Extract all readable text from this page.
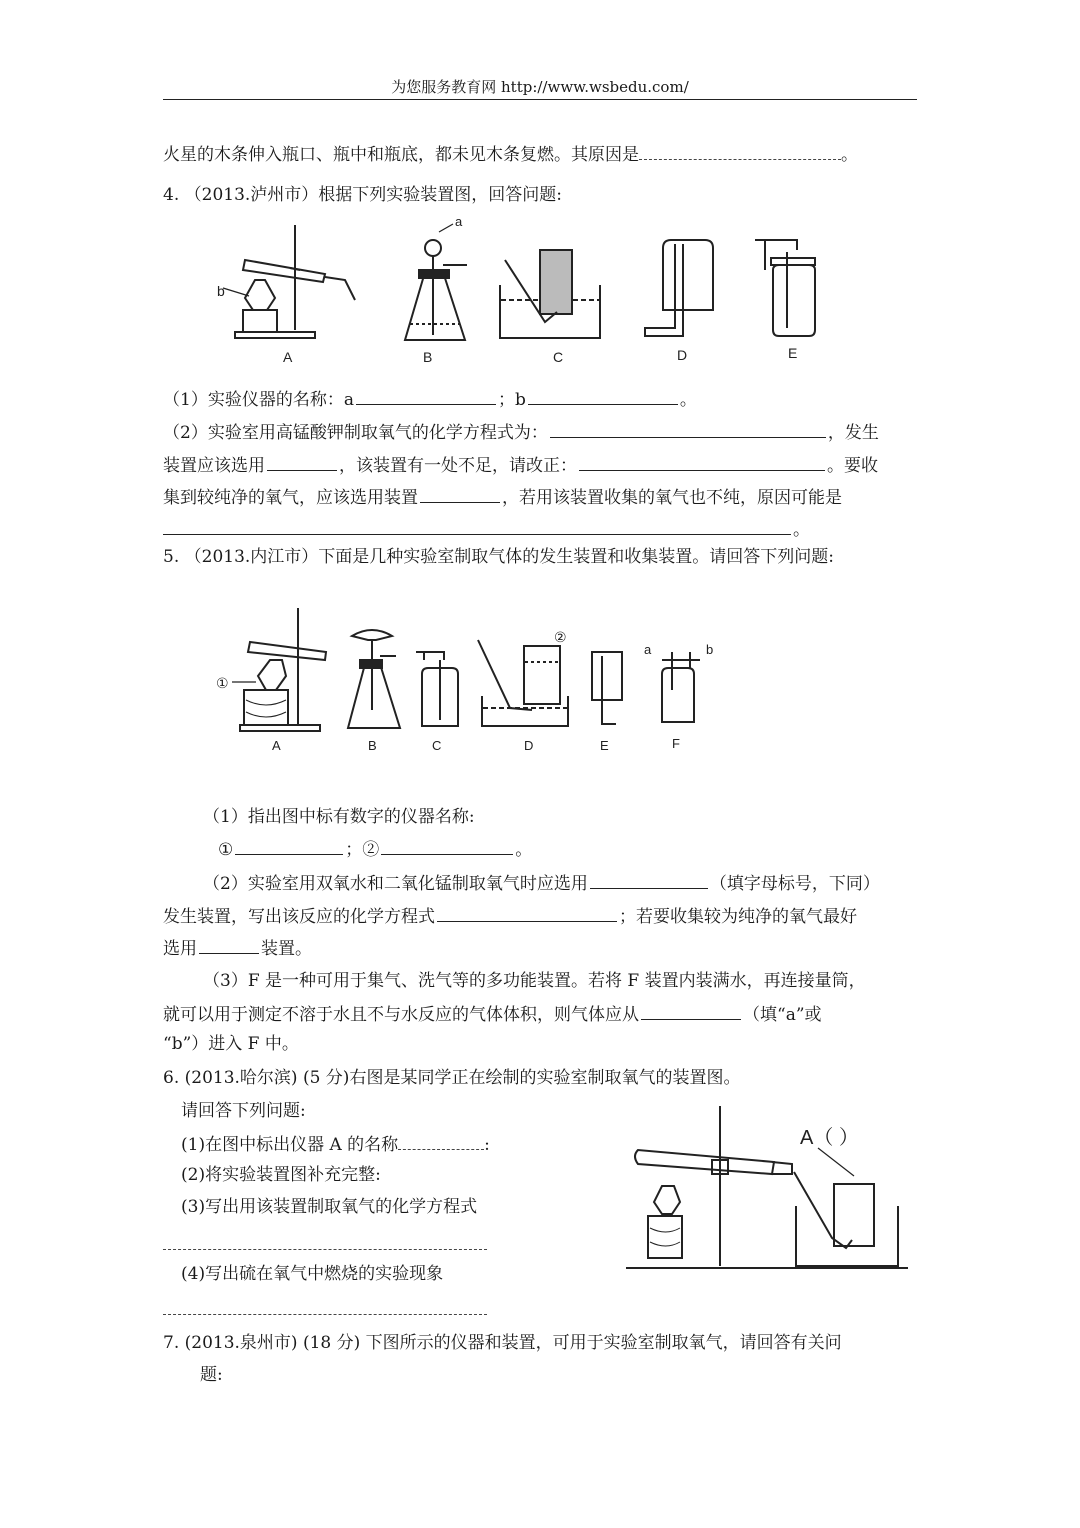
为您服务教育网 http://www.wsbedu.com/
火星的木条伸入瓶口、瓶中和瓶底，都未见木条复燃。其原因是	。
4. （2013.泸州市）根据下列实验装置图，回答问题:
b
a
A	B	C	D	E
（1）实验仪器的名称：a	；b	。
（2）实验室用高锰酸钾制取氧气的化学方程式为：	，发生
装置应该选用	，该装置有一处不足，请改正：	。要收
集到较纯净的氧气，应该选用装置	，若用该装置收集的氧气也不纯，原因可能是
。
5. （2013.内江市）下面是几种实验室制取气体的发生装置和收集装置。请回答下列问题:
①
②
a	b
A	B	C	D	E	F
（1）指出图中标有数字的仪器名称:
①	；②	。
（2）实验室用双氧水和二氧化锰制取氧气时应选用	（填字母标号，下同）
发生装置，写出该反应的化学方程式	；若要收集较为纯净的氧气最好
选用	装置。
（3）F 是一种可用于集气、洗气等的多功能装置。若将 F 装置内装满水，再连接量筒，
就可以用于测定不溶于水且不与水反应的气体体积，则气体应从	（填“a”或
“b”）进入 F 中。
6. (2013.哈尔滨) (5 分)右图是某同学正在绘制的实验室制取氧气的装置图。
请回答下列问题:
(1)在图中标出仪器 A 的名称	:
(2)将实验装置图补充完整:
(3)写出用该装置制取氧气的化学方程式
(4)写出硫在氧气中燃烧的实验现象
A（ ）
7. (2013.泉州市) (18 分) 下图所示的仪器和装置，可用于实验室制取氧气，请回答有关问
题:
